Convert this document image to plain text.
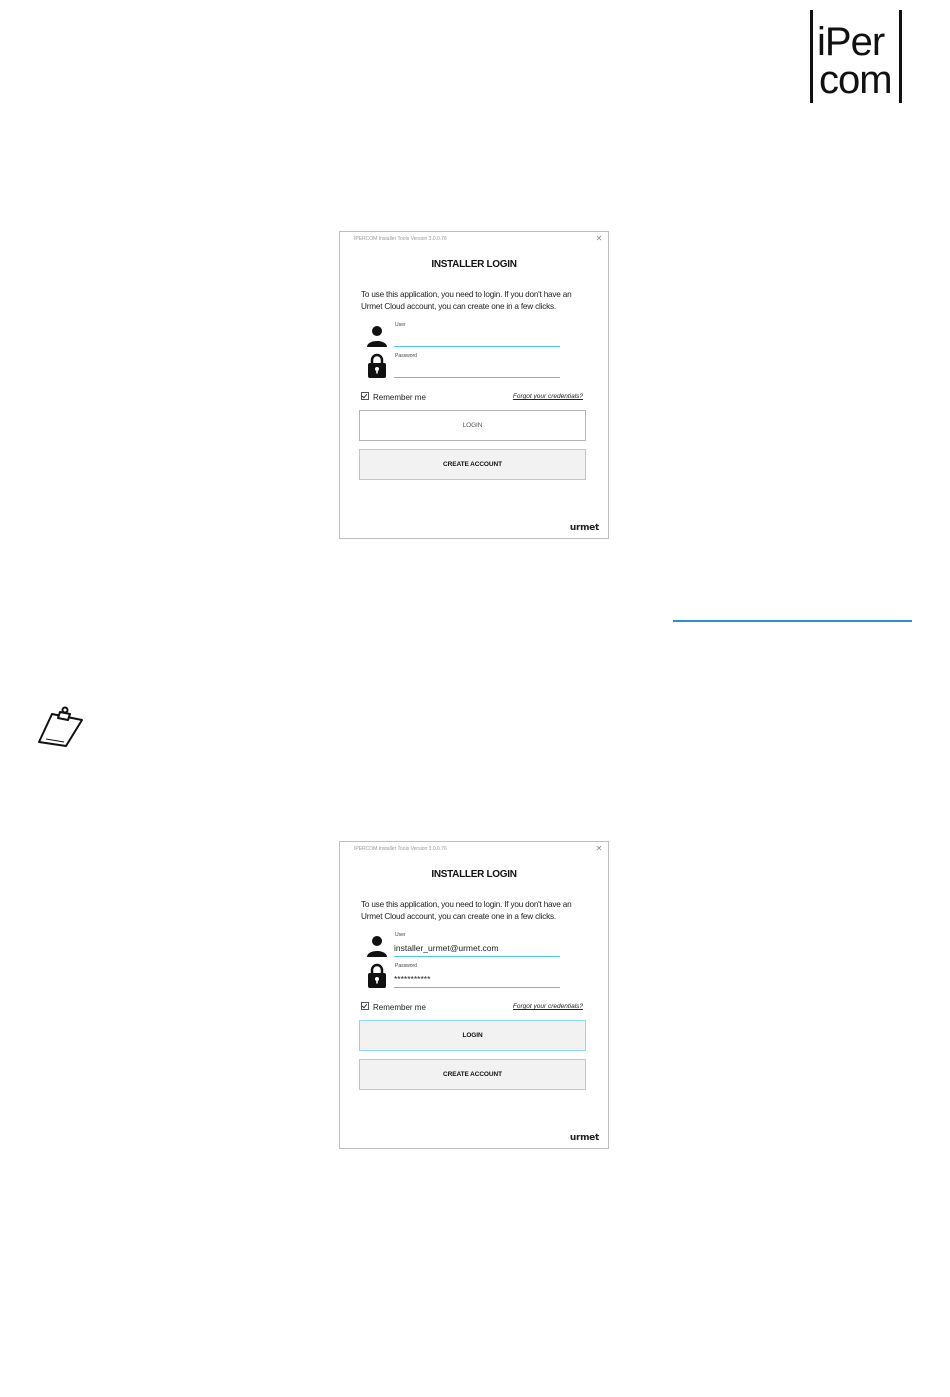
iPer
com
IPERCOM Installer Tools Version 3.0.0.76	✕
INSTALLER LOGIN
To use this application, you need to login. If you don't have an Urmet Cloud account, you can create one in a few clicks.
User
Password
Remember me	Forgot your credentials?
LOGIN
CREATE ACCOUNT
urmet
IPERCOM Installer Tools Version 3.0.0.76	✕
INSTALLER LOGIN
To use this application, you need to login. If you don't have an Urmet Cloud account, you can create one in a few clicks.
User
installer_urmet@urmet.com
Password
***********
Remember me	Forgot your credentials?
LOGIN
CREATE ACCOUNT
urmet
